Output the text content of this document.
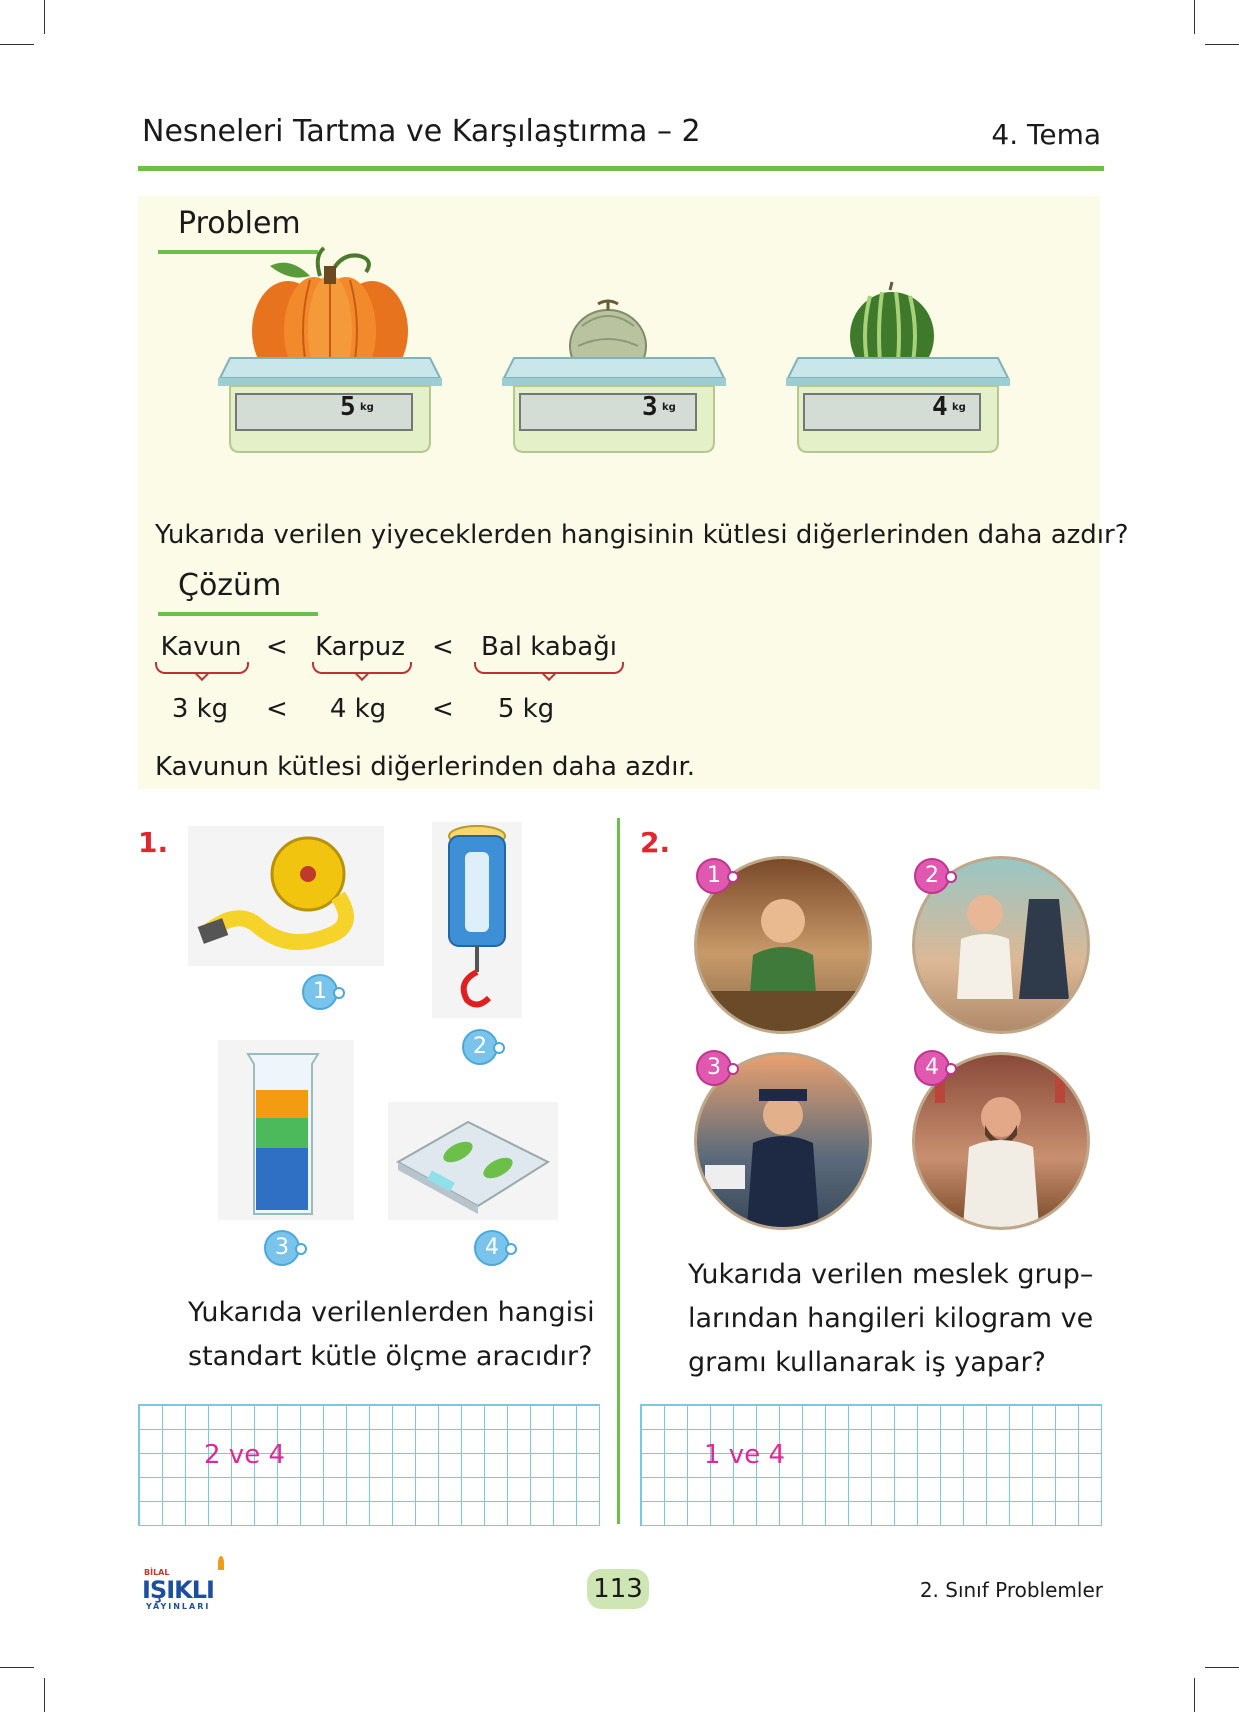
Nesneleri Tartma ve Karşılaştırma – 2	4. Tema
Problem
5 kg	3 kg	4 kg
Yukarıda verilen yiyeceklerden hangisinin kütlesi diğerlerinden daha azdır?
Çözüm
Kavun < Karpuz < Bal kabağı
3 kg	<	4 kg	<	5 kg
Kavunun kütlesi diğerlerinden daha azdır.
1.
1
2
3	4
Yukarıda verilenlerden hangisi
standart kütle ölçme aracıdır?
2 ve 4
2.
1	2
3	4
Yukarıda verilen meslek grup–
larından hangileri kilogram ve
gramı kullanarak iş yapar?
1 ve 4
BİLAL
IŞIKLI
YAYINLARI
113	2. Sınıf Problemler
